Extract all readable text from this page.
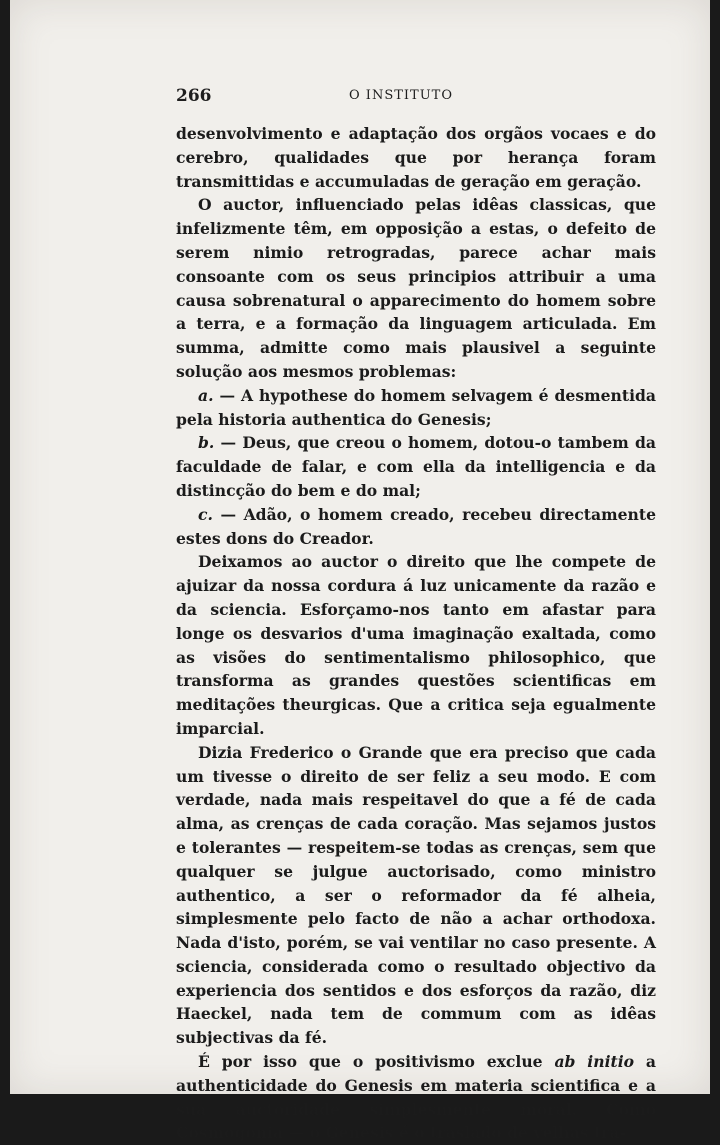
266	O INSTITUTO

desenvolvimento e adaptação dos orgãos vocaes e do cerebro, qualidades que por herança foram transmittidas e accumuladas de geração em geração.

O auctor, influenciado pelas idêas classicas, que infelizmente têm, em opposição a estas, o defeito de serem nimio retrogradas, parece achar mais consoante com os seus principios attribuir a uma causa sobrenatural o apparecimento do homem sobre a terra, e a formação da linguagem articulada. Em summa, admitte como mais plausivel a seguinte solução aos mesmos problemas:

a. — A hypothese do homem selvagem é desmentida pela historia authentica do Genesis;

b. — Deus, que creou o homem, dotou-o tambem da faculdade de falar, e com ella da intelligencia e da distincção do bem e do mal;

c. — Adão, o homem creado, recebeu directamente estes dons do Creador.

Deixamos ao auctor o direito que lhe compete de ajuizar da nossa cordura á luz unicamente da razão e da sciencia. Esforçamo-nos tanto em afastar para longe os desvarios d'uma imaginação exaltada, como as visões do sentimentalismo philosophico, que transforma as grandes questões scientificas em meditações theurgicas. Que a critica seja egualmente imparcial.

Dizia Frederico o Grande que era preciso que cada um tivesse o direito de ser feliz a seu modo. E com verdade, nada mais respeitavel do que a fé de cada alma, as crenças de cada coração. Mas sejamos justos e tolerantes — respeitem-se todas as crenças, sem que qualquer se julgue auctorisado, como ministro authentico, a ser o reformador da fé alheia, simplesmente pelo facto de não a achar orthodoxa. Nada d'isto, porém, se vai ventilar no caso presente. A sciencia, considerada como o resultado objectivo da experiencia dos sentidos e dos esforços da razão, diz Haeckel, nada tem de commum com as idêas subjectivas da fé.

É por isso que o positivismo exclue ab initio a authenticidade do Genesis em materia scientifica e a sua auctoridade simplesmente moral. Como Cosmogonia — o Genesis é o traslado de velhas tra-
